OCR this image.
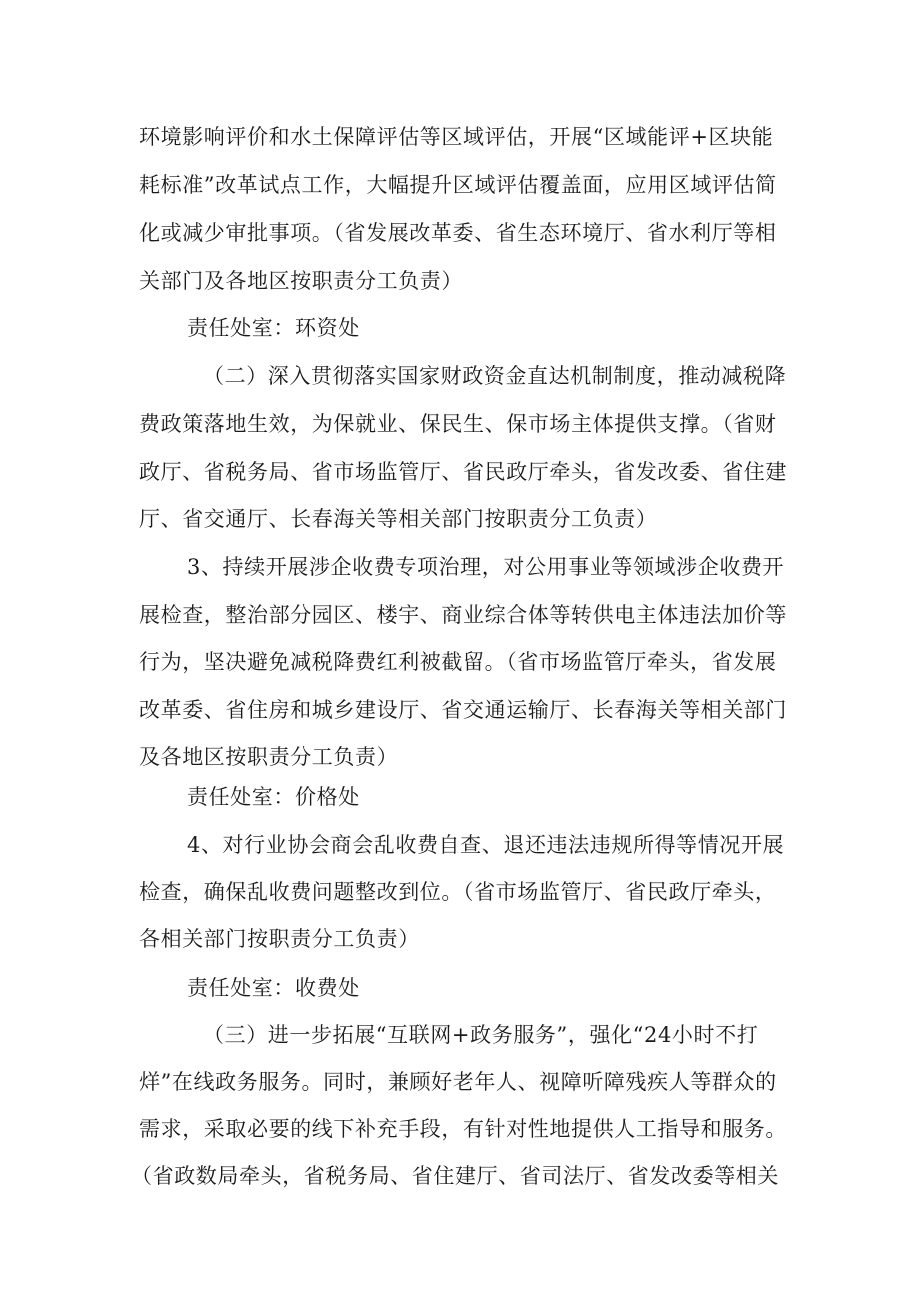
环境影响评价和水土保障评估等区域评估，开展“区域能评+区块能
耗标准”改革试点工作，大幅提升区域评估覆盖面，应用区域评估简
化或减少审批事项。（省发展改革委、省生态环境厅、省水利厅等相
关部门及各地区按职责分工负责）
责任处室：环资处
（二）深入贯彻落实国家财政资金直达机制制度，推动减税降
费政策落地生效，为保就业、保民生、保市场主体提供支撑。（省财
政厅、省税务局、省市场监管厅、省民政厅牵头，省发改委、省住建
厅、省交通厅、长春海关等相关部门按职责分工负责）
3、持续开展涉企收费专项治理，对公用事业等领域涉企收费开
展检查，整治部分园区、楼宇、商业综合体等转供电主体违法加价等
行为，坚决避免减税降费红利被截留。（省市场监管厅牵头，省发展
改革委、省住房和城乡建设厅、省交通运输厅、长春海关等相关部门
及各地区按职责分工负责）
责任处室：价格处
4、对行业协会商会乱收费自查、退还违法违规所得等情况开展
检查，确保乱收费问题整改到位。（省市场监管厅、省民政厅牵头，
各相关部门按职责分工负责）
责任处室：收费处
（三）进一步拓展“互联网+政务服务”，强化“24小时不打
烊”在线政务服务。同时，兼顾好老年人、视障听障残疾人等群众的
需求，采取必要的线下补充手段，有针对性地提供人工指导和服务。
（省政数局牵头，省税务局、省住建厅、省司法厅、省发改委等相关
